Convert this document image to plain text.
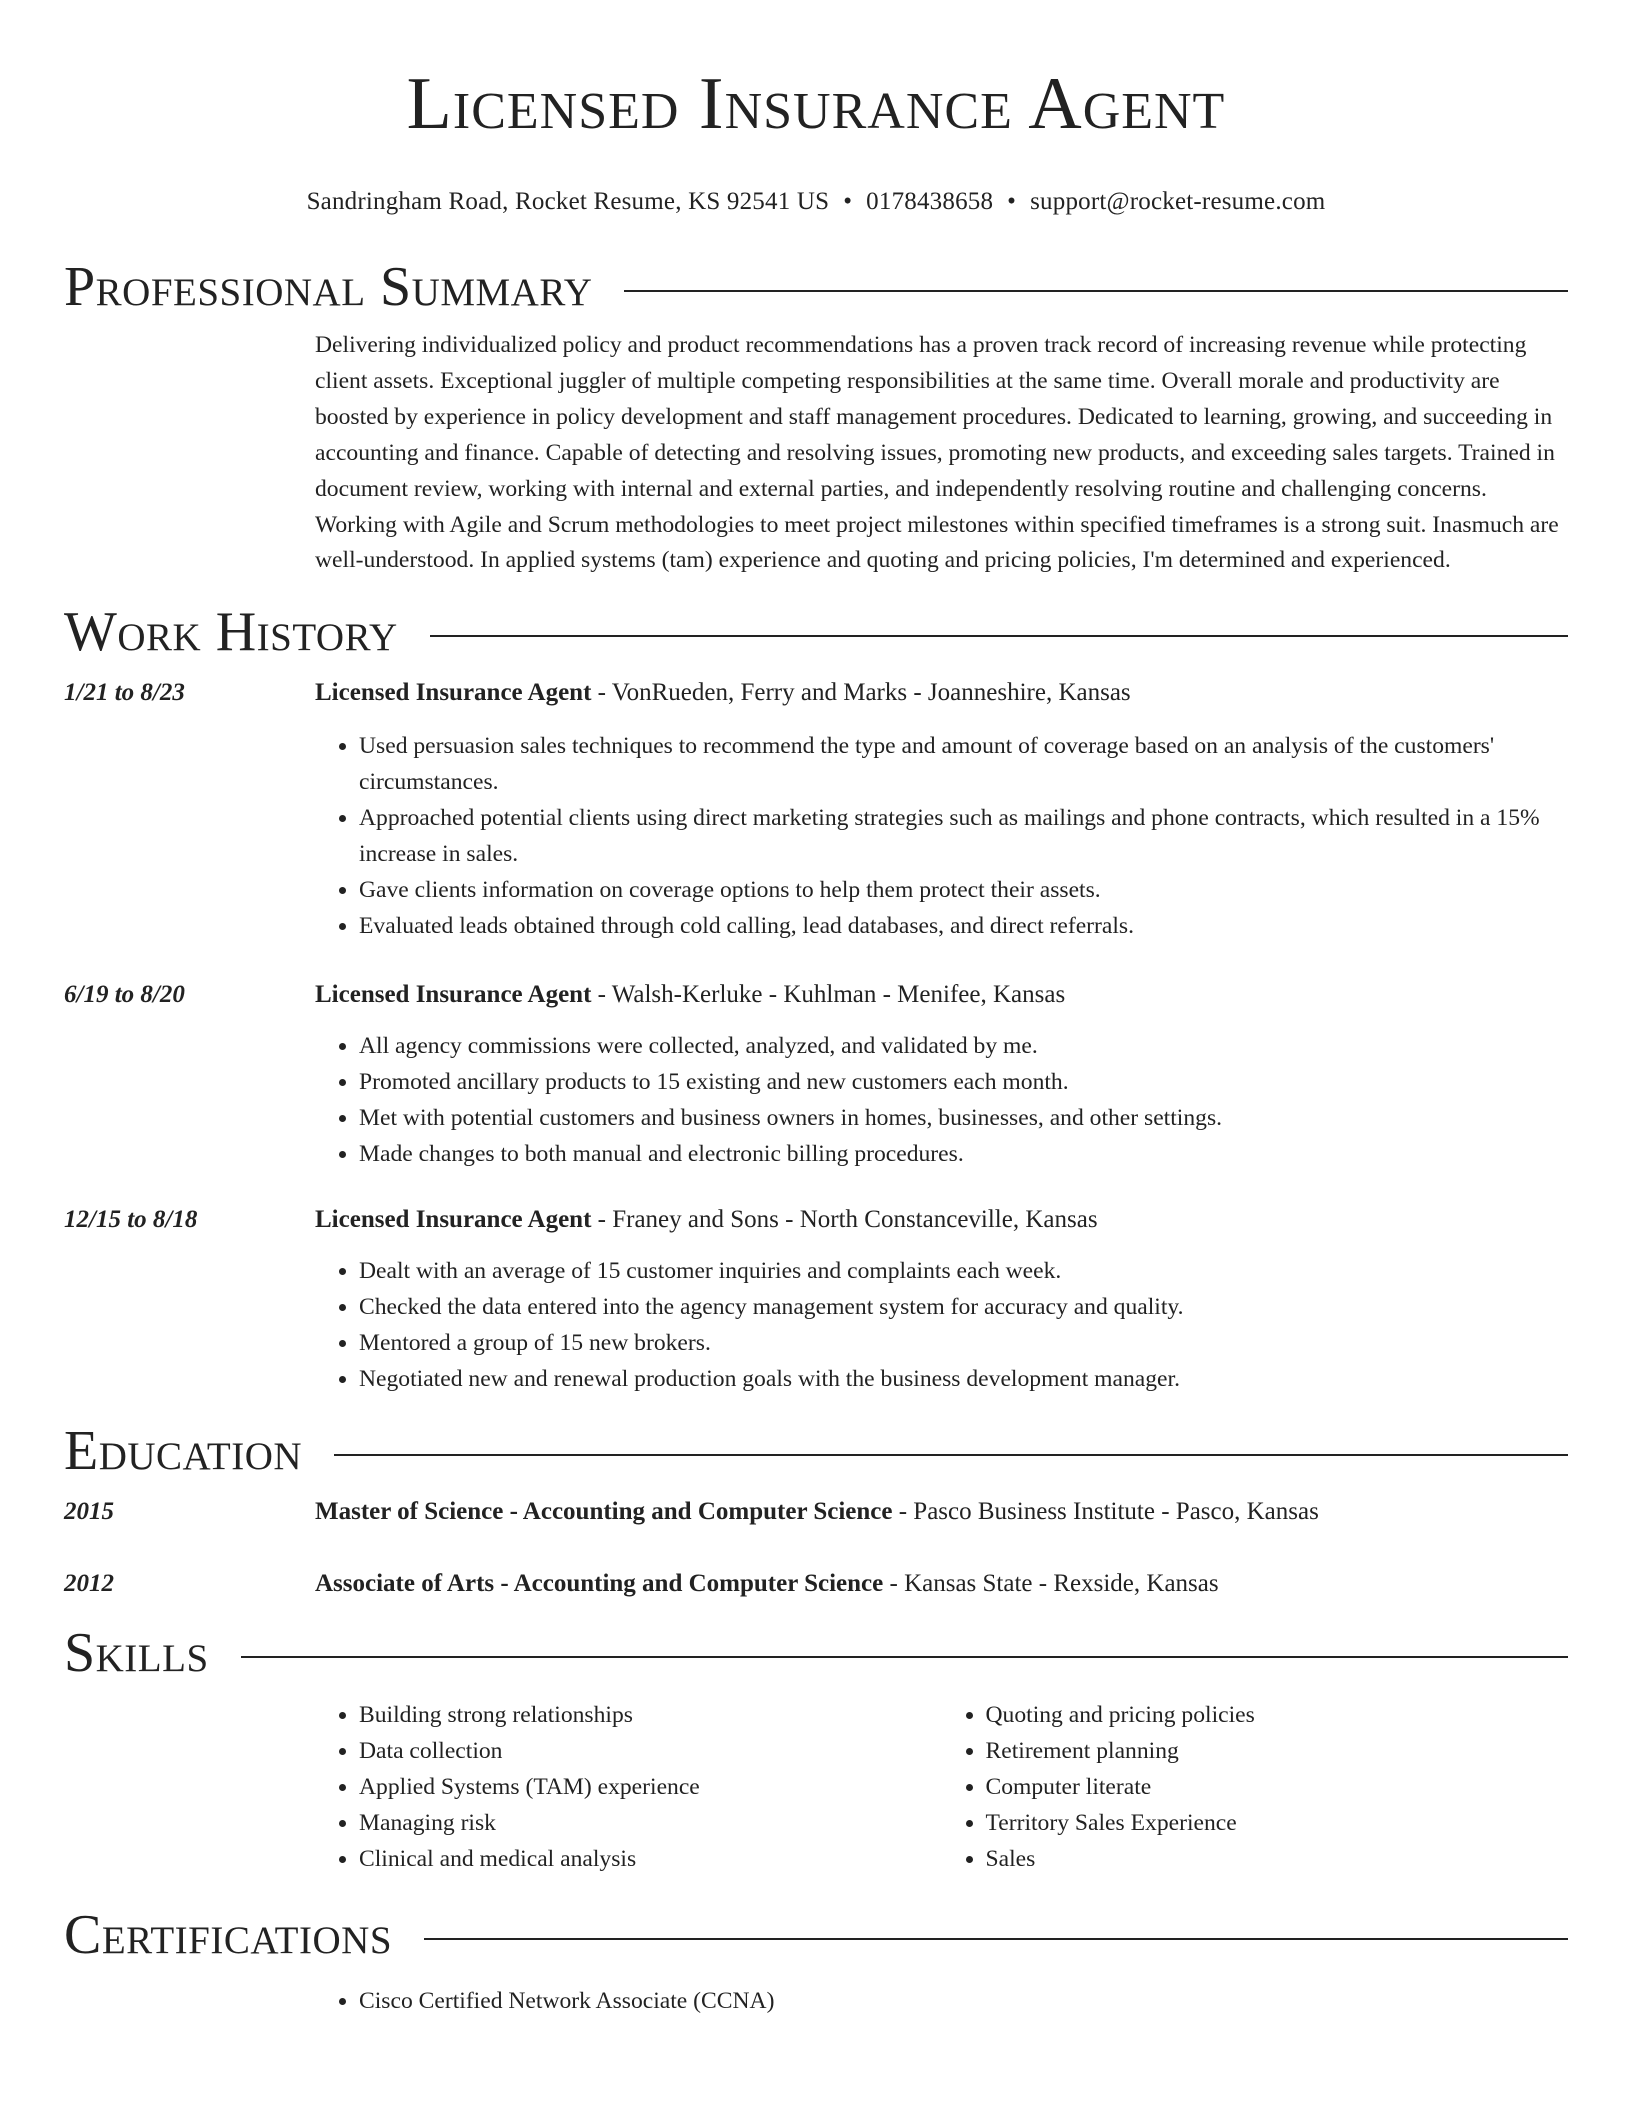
Licensed Insurance Agent
Sandringham Road, Rocket Resume, KS 92541 US • 0178438658 • support@rocket-resume.com
Professional Summary
Delivering individualized policy and product recommendations has a proven track record of increasing revenue while protecting client assets. Exceptional juggler of multiple competing responsibilities at the same time. Overall morale and productivity are boosted by experience in policy development and staff management procedures. Dedicated to learning, growing, and succeeding in accounting and finance. Capable of detecting and resolving issues, promoting new products, and exceeding sales targets. Trained in document review, working with internal and external parties, and independently resolving routine and challenging concerns. Working with Agile and Scrum methodologies to meet project milestones within specified timeframes is a strong suit. Inasmuch are well-understood. In applied systems (tam) experience and quoting and pricing policies, I'm determined and experienced.
Work History
1/21 to 8/23	Licensed Insurance Agent - VonRueden, Ferry and Marks - Joanneshire, Kansas
• Used persuasion sales techniques to recommend the type and amount of coverage based on an analysis of the customers' circumstances.
• Approached potential clients using direct marketing strategies such as mailings and phone contracts, which resulted in a 15% increase in sales.
• Gave clients information on coverage options to help them protect their assets.
• Evaluated leads obtained through cold calling, lead databases, and direct referrals.
6/19 to 8/20	Licensed Insurance Agent - Walsh-Kerluke - Kuhlman - Menifee, Kansas
• All agency commissions were collected, analyzed, and validated by me.
• Promoted ancillary products to 15 existing and new customers each month.
• Met with potential customers and business owners in homes, businesses, and other settings.
• Made changes to both manual and electronic billing procedures.
12/15 to 8/18	Licensed Insurance Agent - Franey and Sons - North Constanceville, Kansas
• Dealt with an average of 15 customer inquiries and complaints each week.
• Checked the data entered into the agency management system for accuracy and quality.
• Mentored a group of 15 new brokers.
• Negotiated new and renewal production goals with the business development manager.
Education
2015	Master of Science - Accounting and Computer Science - Pasco Business Institute - Pasco, Kansas
2012	Associate of Arts - Accounting and Computer Science - Kansas State - Rexside, Kansas
Skills
• Building strong relationships
• Data collection
• Applied Systems (TAM) experience
• Managing risk
• Clinical and medical analysis
• Quoting and pricing policies
• Retirement planning
• Computer literate
• Territory Sales Experience
• Sales
Certifications
• Cisco Certified Network Associate (CCNA)
